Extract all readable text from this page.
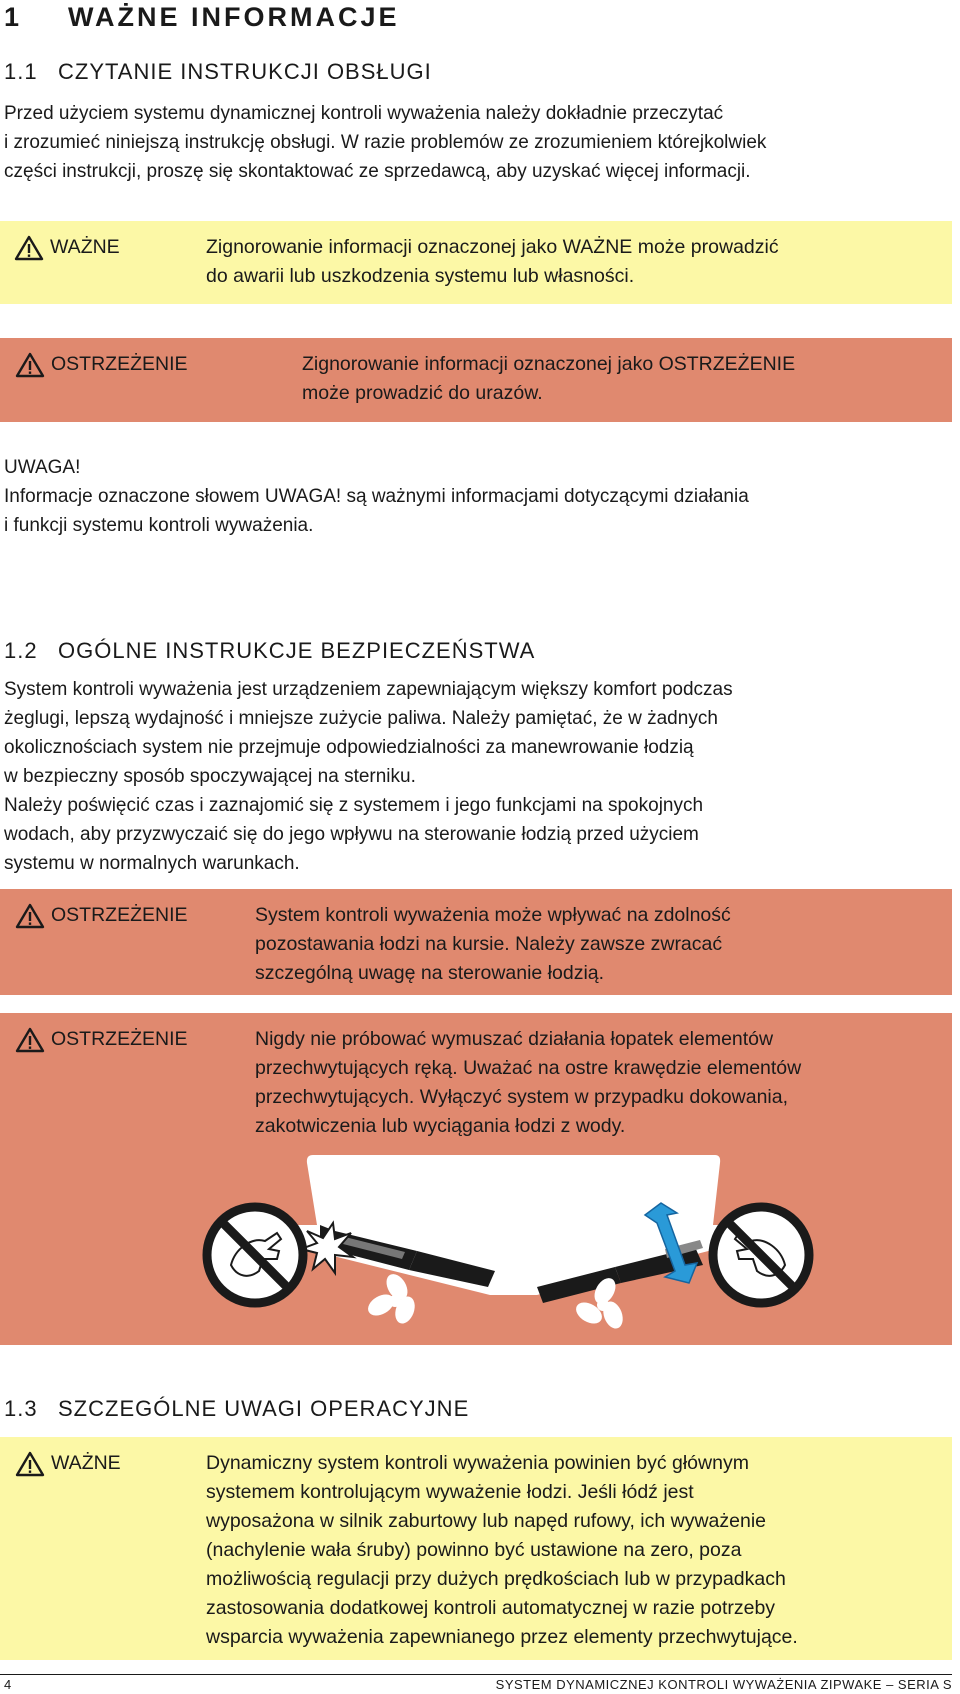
1 WAŻNE INFORMACJE
1.1 CZYTANIE INSTRUKCJI OBSŁUGI
Przed użyciem systemu dynamicznej kontroli wyważenia należy dokładnie przeczytać
i zrozumieć niniejszą instrukcję obsługi. W razie problemów ze zrozumieniem którejkolwiek
części instrukcji, proszę się skontaktować ze sprzedawcą, aby uzyskać więcej informacji.
WAŻNE	Zignorowanie informacji oznaczonej jako WAŻNE może prowadzić
do awarii lub uszkodzenia systemu lub własności.
OSTRZEŻENIE	Zignorowanie informacji oznaczonej jako OSTRZEŻENIE
może prowadzić do urazów.
UWAGA!
Informacje oznaczone słowem UWAGA! są ważnymi informacjami dotyczącymi działania
i funkcji systemu kontroli wyważenia.
1.2 OGÓLNE INSTRUKCJE BEZPIECZEŃSTWA
System kontroli wyważenia jest urządzeniem zapewniającym większy komfort podczas
żeglugi, lepszą wydajność i mniejsze zużycie paliwa. Należy pamiętać, że w żadnych
okolicznościach system nie przejmuje odpowiedzialności za manewrowanie łodzią
w bezpieczny sposób spoczywającej na sterniku.
Należy poświęcić czas i zaznajomić się z systemem i jego funkcjami na spokojnych
wodach, aby przyzwyczaić się do jego wpływu na sterowanie łodzią przed użyciem
systemu w normalnych warunkach.
OSTRZEŻENIE	System kontroli wyważenia może wpływać na zdolność
pozostawania łodzi na kursie. Należy zawsze zwracać
szczególną uwagę na sterowanie łodzią.
OSTRZEŻENIE	Nigdy nie próbować wymuszać działania łopatek elementów
przechwytujących ręką. Uważać na ostre krawędzie elementów
przechwytujących. Wyłączyć system w przypadku dokowania,
zakotwiczenia lub wyciągania łodzi z wody.
1.3 SZCZEGÓLNE UWAGI OPERACYJNE
WAŻNE	Dynamiczny system kontroli wyważenia powinien być głównym
systemem kontrolującym wyważenie łodzi. Jeśli łódź jest
wyposażona w silnik zaburtowy lub napęd rufowy, ich wyważenie
(nachylenie wała śruby) powinno być ustawione na zero, poza
możliwością regulacji przy dużych prędkościach lub w przypadkach
zastosowania dodatkowej kontroli automatycznej w razie potrzeby
wsparcia wyważenia zapewnianego przez elementy przechwytujące.
4	SYSTEM DYNAMICZNEJ KONTROLI WYWAŻENIA ZIPWAKE – SERIA S
